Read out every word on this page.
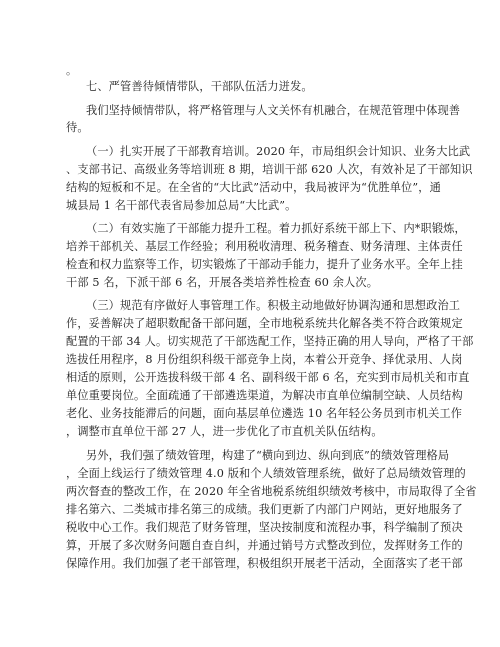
。
七、严管善待倾情带队，干部队伍活力迸发。
我们坚持倾情带队，将严格管理与人文关怀有机融合，在规范管理中体现善
待。
（一）扎实开展了干部教育培训。2020 年，市局组织会计知识、业务大比武
、支部书记、高级业务等培训班 8 期，培训干部 620 人次，有效补足了干部知识
结构的短板和不足。在全省的“大比武”活动中，我局被评为“优胜单位”，通
城县局 1 名干部代表省局参加总局“大比武”。
（二）有效实施了干部能力提升工程。着力抓好系统干部上下、内*职锻炼，
培养干部机关、基层工作经验；利用税收清理、税务稽查、财务清理、主体责任
检查和权力监察等工作，切实锻炼了干部动手能力，提升了业务水平。全年上挂
干部 5 名，下派干部 6 名，开展各类培养性检查 60 余人次。
（三）规范有序做好人事管理工作。积极主动地做好协调沟通和思想政治工
作，妥善解决了超职数配备干部问题，全市地税系统共化解各类不符合政策规定
配置的干部 34 人。切实规范了干部选配工作，坚持正确的用人导向，严格了干部
选拔任用程序，8 月份组织科级干部竞争上岗，本着公开竞争、择优录用、人岗
相适的原则，公开选拔科级干部 4 名、副科级干部 6 名，充实到市局机关和市直
单位重要岗位。全面疏通了干部遴选渠道，为解决市直单位编制空缺、人员结构
老化、业务技能滞后的问题，面向基层单位遴选 10 名年轻公务员到市机关工作
，调整市直单位干部 27 人，进一步优化了市直机关队伍结构。
另外，我们强了绩效管理，构建了“横向到边、纵向到底”的绩效管理格局
，全面上线运行了绩效管理 4.0 版和个人绩效管理系统，做好了总局绩效管理的
两次督查的整改工作，在 2020 年全省地税系统组织绩效考核中，市局取得了全省
排名第六、二类城市排名第三的成绩。我们更新了内部门户网站，更好地服务了
税收中心工作。我们规范了财务管理，坚决按制度和流程办事，科学编制了预决
算，开展了多次财务问题自查自纠，并通过销号方式整改到位，发挥财务工作的
保障作用。我们加强了老干部管理，积极组织开展老干活动，全面落实了老干部
